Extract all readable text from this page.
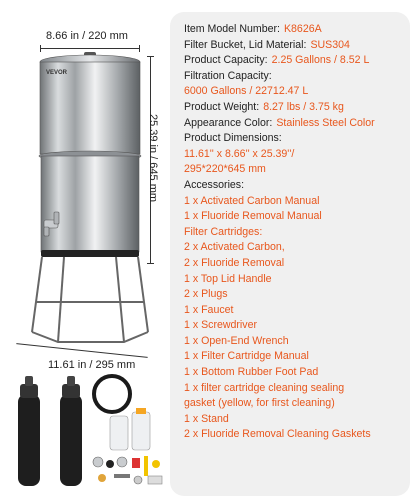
8.66 in / 220 mm
25.39 in / 645 mm
VEVOR
11.61 in / 295 mm
Item Model Number: K8626A
Filter Bucket, Lid Material: SUS304
Product Capacity: 2.25 Gallons / 8.52 L
Filtration Capacity:
6000 Gallons / 22712.47 L
Product Weight: 8.27 lbs / 3.75 kg
Appearance Color: Stainless Steel Color
Product Dimensions:
11.61'' x 8.66'' x 25.39''/
295*220*645 mm
Accessories:
1 x Activated Carbon Manual
1 x Fluoride Removal Manual
Filter Cartridges:
2 x Activated Carbon,
2 x Fluoride Removal
1 x Top Lid Handle
2 x Plugs
1 x Faucet
1 x Screwdriver
1 x Open-End Wrench
1 x Filter Cartridge Manual
1 x Bottom Rubber Foot Pad
1 x filter cartridge cleaning sealing
gasket (yellow, for first cleaning)
1 x Stand
2 x Fluoride Removal Cleaning Gaskets
